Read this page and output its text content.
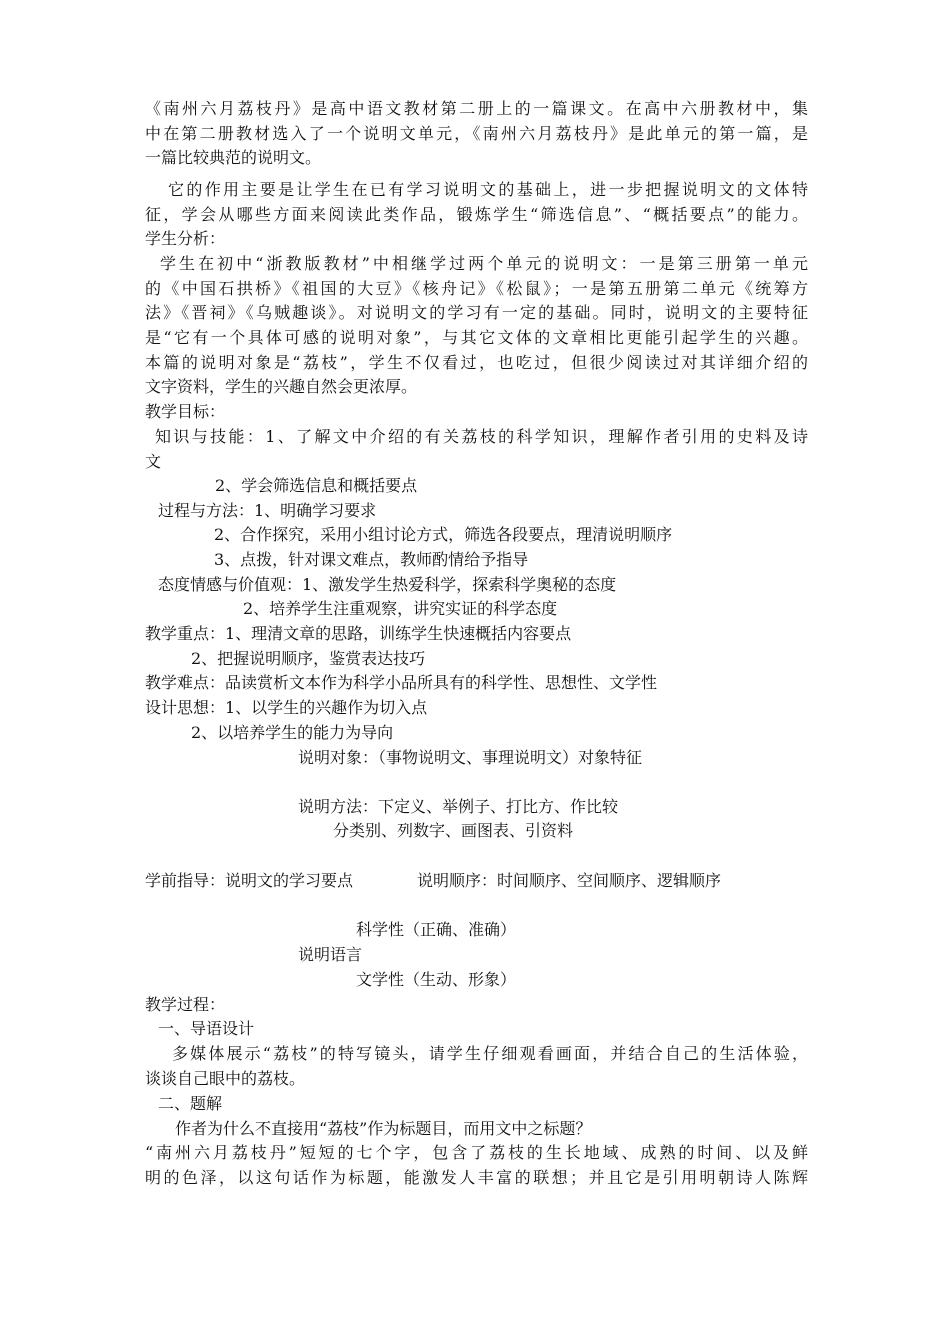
《南州六月荔枝丹》是高中语文教材第二册上的一篇课文。在高中六册教材中，集
中在第二册教材选入了一个说明文单元，《南州六月荔枝丹》是此单元的第一篇，是
一篇比较典范的说明文。
它的作用主要是让学生在已有学习说明文的基础上，进一步把握说明文的文体特
征，学会从哪些方面来阅读此类作品，锻炼学生“筛选信息”、“概括要点”的能力。
学生分析：
学生在初中“浙教版教材”中相继学过两个单元的说明文：一是第三册第一单元
的《中国石拱桥》《祖国的大豆》《核舟记》《松鼠》；一是第五册第二单元《统筹方
法》《晋祠》《乌贼趣谈》。对说明文的学习有一定的基础。同时，说明文的主要特征
是“它有一个具体可感的说明对象”，与其它文体的文章相比更能引起学生的兴趣。
本篇的说明对象是“荔枝”，学生不仅看过，也吃过，但很少阅读过对其详细介绍的
文字资料，学生的兴趣自然会更浓厚。
教学目标：
知识与技能：1、了解文中介绍的有关荔枝的科学知识，理解作者引用的史料及诗
文
2、学会筛选信息和概括要点
过程与方法：1、明确学习要求
2、合作探究，采用小组讨论方式，筛选各段要点，理清说明顺序
3、点拨，针对课文难点，教师酌情给予指导
态度情感与价值观：1、激发学生热爱科学，探索科学奥秘的态度
2、培养学生注重观察，讲究实证的科学态度
教学重点：1、理清文章的思路，训练学生快速概括内容要点
2、把握说明顺序，鉴赏表达技巧
教学难点：品读赏析文本作为科学小品所具有的科学性、思想性、文学性
设计思想：1、以学生的兴趣作为切入点
2、以培养学生的能力为导向
说明对象：（事物说明文、事理说明文）对象特征
说明方法：下定义、举例子、打比方、作比较
分类别、列数字、画图表、引资料
学前指导：说明文的学习要点	说明顺序：时间顺序、空间顺序、逻辑顺序
科学性（正确、准确）
说明语言
文学性（生动、形象）
教学过程：
一、导语设计
多媒体展示“荔枝”的特写镜头，请学生仔细观看画面，并结合自己的生活体验，
谈谈自己眼中的荔枝。
二、题解
作者为什么不直接用“荔枝”作为标题目，而用文中之标题？
“南州六月荔枝丹”短短的七个字，包含了荔枝的生长地域、成熟的时间、以及鲜
明的色泽，以这句话作为标题，能激发人丰富的联想；并且它是引用明朝诗人陈辉
